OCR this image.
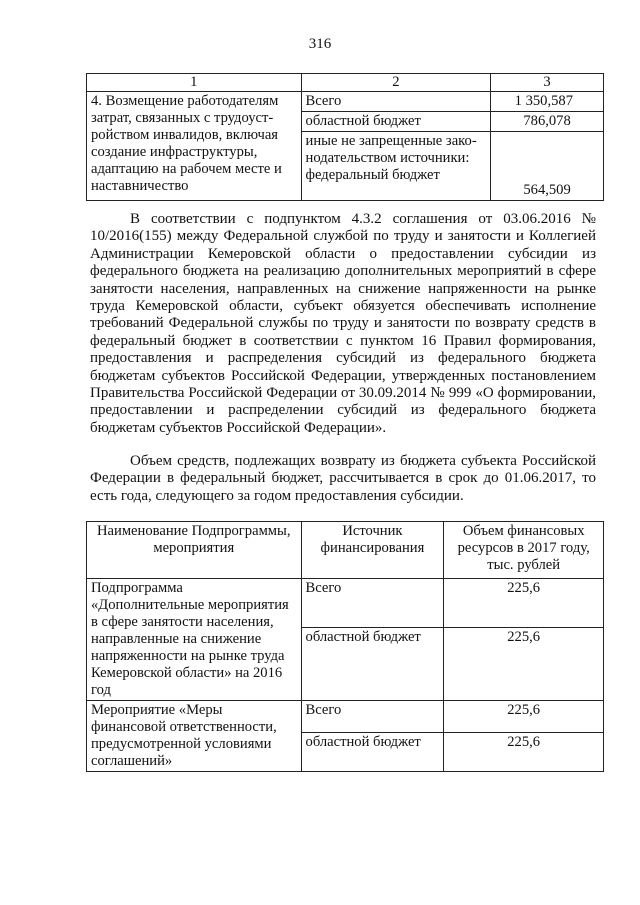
316
1	2	3
4. Возмещение работодателям затрат, связанных с трудоуст-ройством инвалидов, включая создание инфраструктуры, адаптацию на рабочем месте и наставничество	Всего	1 350,587
	областной бюджет	786,078
	иные не запрещенные зако-нодательством источники: федеральный бюджет	564,509

В соответствии с подпунктом 4.3.2 соглашения от 03.06.2016 № 10/2016(155) между Федеральной службой по труду и занятости и Коллегией Администрации Кемеровской области о предоставлении субсидии из федерального бюджета на реализацию дополнительных мероприятий в сфере занятости населения, направленных на снижение напряженности на рынке труда Кемеровской области, субъект обязуется обеспечивать исполнение требований Федеральной службы по труду и занятости по возврату средств в федеральный бюджет в соответствии с пунктом 16 Правил формирования, предоставления и распределения субсидий из федерального бюджета бюджетам субъектов Российской Федерации, утвержденных постановлением Правительства Российской Федерации от 30.09.2014 № 999 «О формировании, предоставлении и распределении субсидий из федерального бюджета бюджетам субъектов Российской Федерации».

Объем средств, подлежащих возврату из бюджета субъекта Российской Федерации в федеральный бюджет, рассчитывается в срок до 01.06.2017, то есть года, следующего за годом предоставления субсидии.

Наименование Подпрограммы, мероприятия	Источник финансирования	Объем финансовых ресурсов в 2017 году, тыс. рублей
Подпрограмма «Дополнительные мероприятия в сфере занятости населения, направленные на снижение напряженности на рынке труда Кемеровской области» на 2016 год	Всего	225,6
	областной бюджет	225,6
Мероприятие «Меры финансовой ответственности, предусмотренной условиями соглашений»	Всего	225,6
	областной бюджет	225,6
